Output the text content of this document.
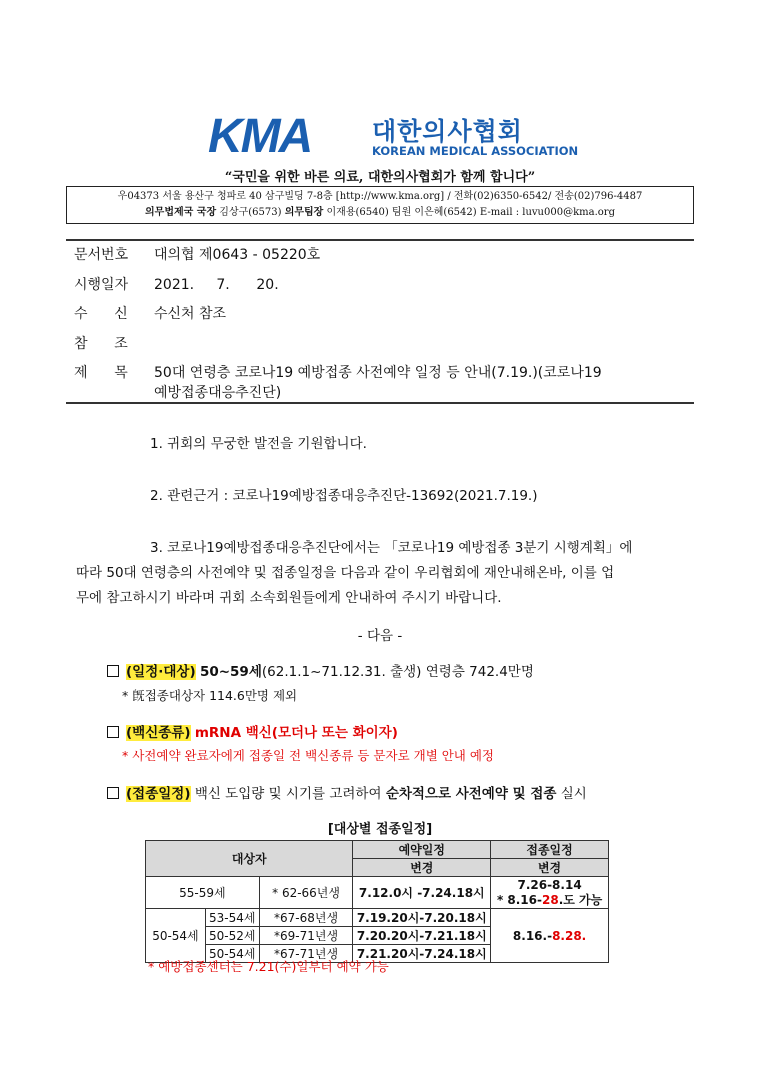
KMA 대한의사협회
KOREAN MEDICAL ASSOCIATION
“국민을 위한 바른 의료, 대한의사협회가 함께 합니다”
우04373 서울 용산구 청파로 40 삼구빌딩 7-8층 [http://www.kma.org] / 전화(02)6350-6542/ 전송(02)796-4487
의무법제국 국장 김상구(6573) 의무팀장 이재용(6540) 팀원 이은혜(6542) E-mail : luvu000@kma.org
문서번호 대의협 제0643 - 05220호
시행일자 2021.     7.      20.
수      신 수신처 참조
참      조
제      목 50대 연령층 코로나19 예방접종 사전예약 일정 등 안내(7.19.)(코로나19
예방접종대응추진단)
1. 귀회의 무궁한 발전을 기원합니다.
2. 관련근거 : 코로나19예방접종대응추진단-13692(2021.7.19.)
3. 코로나19예방접종대응추진단에서는 「코로나19 예방접종 3분기 시행계획」에
따라 50대 연령층의 사전예약 및 접종일정을 다음과 같이 우리협회에 재안내해온바, 이를 업
무에 참고하시기 바라며 귀회 소속회원들에게 안내하여 주시기 바랍니다.
- 다음 -
(일정·대상) 50~59세(62.1.1~71.12.31. 출생) 연령층 742.4만명
* 旣접종대상자 114.6만명 제외
(백신종류) mRNA 백신(모더나 또는 화이자)
* 사전예약 완료자에게 접종일 전 백신종류 등 문자로 개별 안내 예정
(접종일정) 백신 도입량 및 시기를 고려하여 순차적으로 사전예약 및 접종 실시
[대상별 접종일정]
대상자			예약일정	접종일정
			변경	변경
55-59세		* 62-66년생	7.12.0시 -7.24.18시	7.26-8.14
* 8.16-28.도 가능

50-54세	53-54세	*67-68년생	7.19.20시-7.20.18시	8.16.-8.28.
	50-52세	*69-71년생	7.20.20시-7.21.18시	
	50-54세	*67-71년생	7.21.20시-7.24.18시	
* 예방접종센터는 7.21(수)일부터 예약 가능
